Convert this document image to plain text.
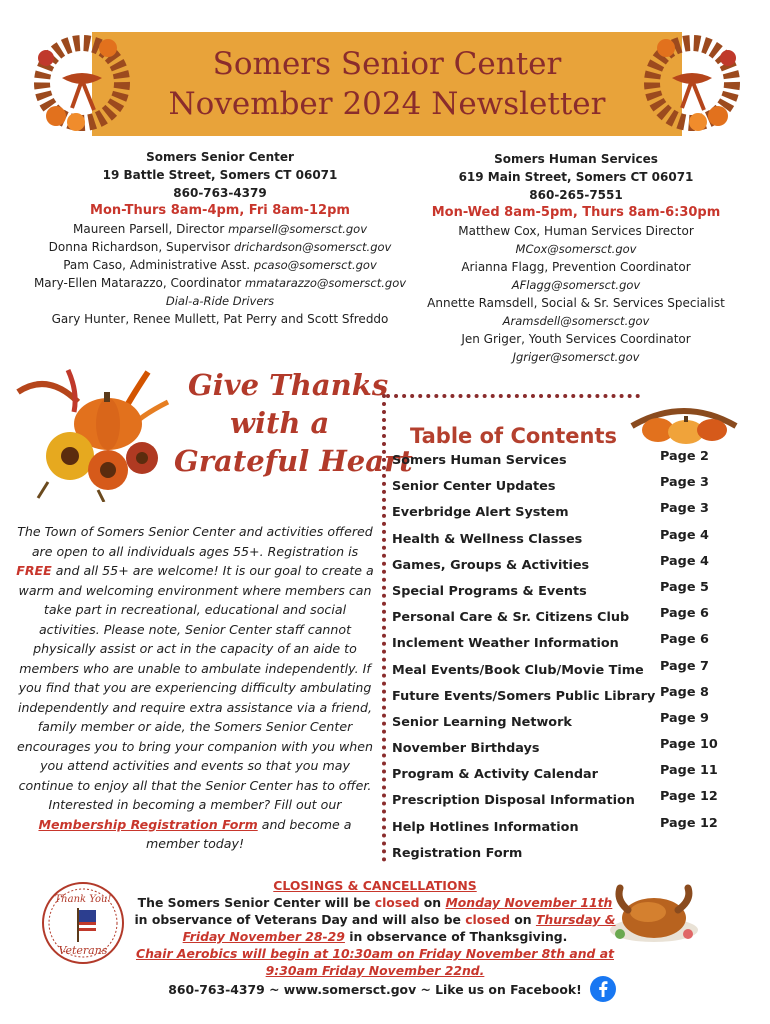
Somers Senior Center
November 2024 Newsletter
Somers Senior Center
19 Battle Street, Somers CT 06071
860-763-4379
Mon-Thurs 8am-4pm, Fri 8am-12pm
Maureen Parsell, Director mparsell@somersct.gov
Donna Richardson, Supervisor drichardson@somersct.gov
Pam Caso, Administrative Asst. pcaso@somersct.gov
Mary-Ellen Matarazzo, Coordinator mmatarazzo@somersct.gov
Dial-a-Ride Drivers
Gary Hunter, Renee Mullett, Pat Perry and Scott Sfreddo
Somers Human Services
619 Main Street, Somers CT 06071
860-265-7551
Mon-Wed 8am-5pm, Thurs 8am-6:30pm
Matthew Cox, Human Services Director
MCox@somersct.gov
Arianna Flagg, Prevention Coordinator
AFlagg@somersct.gov
Annette Ramsdell, Social & Sr. Services Specialist
Aramsdell@somersct.gov
Jen Griger, Youth Services Coordinator
Jgriger@somersct.gov
Give Thanks
with a
Grateful Heart
The Town of Somers Senior Center and activities offered are open to all individuals ages 55+. Registration is FREE and all 55+ are welcome! It is our goal to create a warm and welcoming environment where members can take part in recreational, educational and social activities. Please note, Senior Center staff cannot physically assist or act in the capacity of an aide to members who are unable to ambulate independently. If you find that you are experiencing difficulty ambulating independently and require extra assistance via a friend, family member or aide, the Somers Senior Center encourages you to bring your companion with you when you attend activities and events so that you may continue to enjoy all that the Senior Center has to offer. Interested in becoming a member? Fill out our Membership Registration Form and become a member today!
Table of Contents
Somers Human Services	Page 2
Senior Center Updates	Page 3
Everbridge Alert System	Page 3
Health & Wellness Classes	Page 4
Games, Groups & Activities	Page 4
Special Programs & Events	Page 5
Personal Care & Sr. Citizens Club Page 6
Inclement Weather Information	Page 6
Meal Events/Book Club/Movie Time Page 7
Future Events/Somers Public Library Page 8
Senior Learning Network	Page 9
November Birthdays	Page 10
Program & Activity Calendar	Page 11
Prescription Disposal Information Page 12
Help Hotlines Information	Page 12
Registration Form
Thank You!
Veterans
CLOSINGS & CANCELLATIONS
The Somers Senior Center will be closed on Monday November 11th in observance of Veterans Day and will also be closed on Thursday & Friday November 28-29 in observance of Thanksgiving.
Chair Aerobics will begin at 10:30am on Friday November 8th and at 9:30am Friday November 22nd.
860-763-4379 ~ www.somersct.gov ~ Like us on Facebook!
